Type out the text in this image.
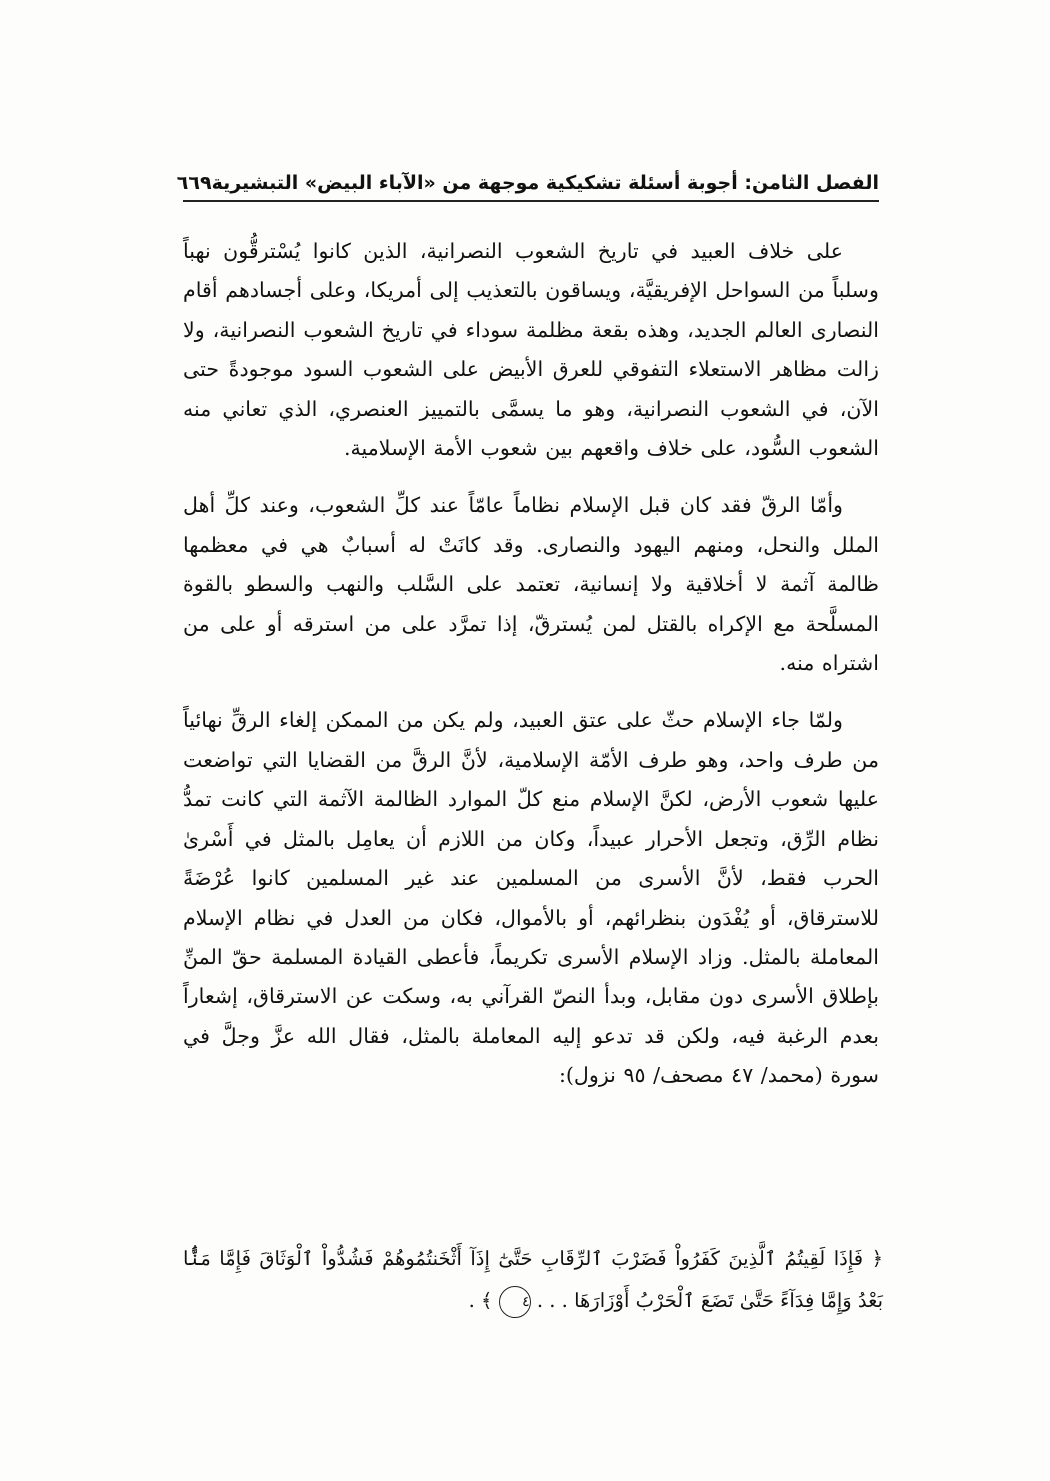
الفصل الثامن: أجوبة أسئلة تشكيكية موجهة من «الآباء البيض» التبشيرية
٦٦٩

على خلاف العبيد في تاريخ الشعوب النصرانية، الذين كانوا يُسْترقُّون نهباً وسلباً من السواحل الإفريقيَّة، ويساقون بالتعذيب إلى أمريكا، وعلى أجسادهم أقام النصارى العالم الجديد، وهذه بقعة مظلمة سوداء في تاريخ الشعوب النصرانية، ولا زالت مظاهر الاستعلاء التفوقي للعرق الأبيض على الشعوب السود موجودةً حتى الآن، في الشعوب النصرانية، وهو ما يسمَّى بالتمييز العنصري، الذي تعاني منه الشعوب السُّود، على خلاف واقعهم بين شعوب الأمة الإسلامية.

وأمّا الرقّ فقد كان قبل الإسلام نظاماً عامّاً عند كلِّ الشعوب، وعند كلِّ أهل الملل والنحل، ومنهم اليهود والنصارى. وقد كانَتْ له أسبابٌ هي في معظمها ظالمة آثمة لا أخلاقية ولا إنسانية، تعتمد على السَّلب والنهب والسطو بالقوة المسلَّحة مع الإكراه بالقتل لمن يُسترقّ، إذا تمرَّد على من استرقه أو على من اشتراه منه.

ولمّا جاء الإسلام حثّ على عتق العبيد، ولم يكن من الممكن إلغاء الرقِّ نهائياً من طرف واحد، وهو طرف الأمّة الإسلامية، لأنَّ الرقَّ من القضايا التي تواضعت عليها شعوب الأرض، لكنَّ الإسلام منع كلّ الموارد الظالمة الآثمة التي كانت تمدُّ نظام الرِّق، وتجعل الأحرار عبيداً، وكان من اللازم أن يعامِل بالمثل في أَسْرىٰ الحرب فقط، لأنَّ الأسرى من المسلمين عند غير المسلمين كانوا عُرْضَةً للاسترقاق، أو يُفْدَون بنظرائهم، أو بالأموال، فكان من العدل في نظام الإسلام المعاملة بالمثل. وزاد الإسلام الأسرى تكريماً، فأعطى القيادة المسلمة حقّ المنِّ بإطلاق الأسرى دون مقابل، وبدأ النصّ القرآني به، وسكت عن الاسترقاق، إشعاراً بعدم الرغبة فيه، ولكن قد تدعو إليه المعاملة بالمثل، فقال الله عزَّ وجلَّ في سورة (محمد/ ٤٧ مصحف/ ٩٥ نزول):

﴿ فَإِذَا لَقِيتُمُ ٱلَّذِينَ كَفَرُواْ فَضَرْبَ ٱلرِّقَابِ حَتَّىٰٓ إِذَآ أَثْخَنتُمُوهُمْ فَشُدُّواْ ٱلْوَثَاقَ فَإِمَّا مَنًّۢا بَعْدُ وَإِمَّا فِدَآءً حَتَّىٰ تَضَعَ ٱلْحَرْبُ أَوْزَارَهَا . . . ٤ ﴾ .
